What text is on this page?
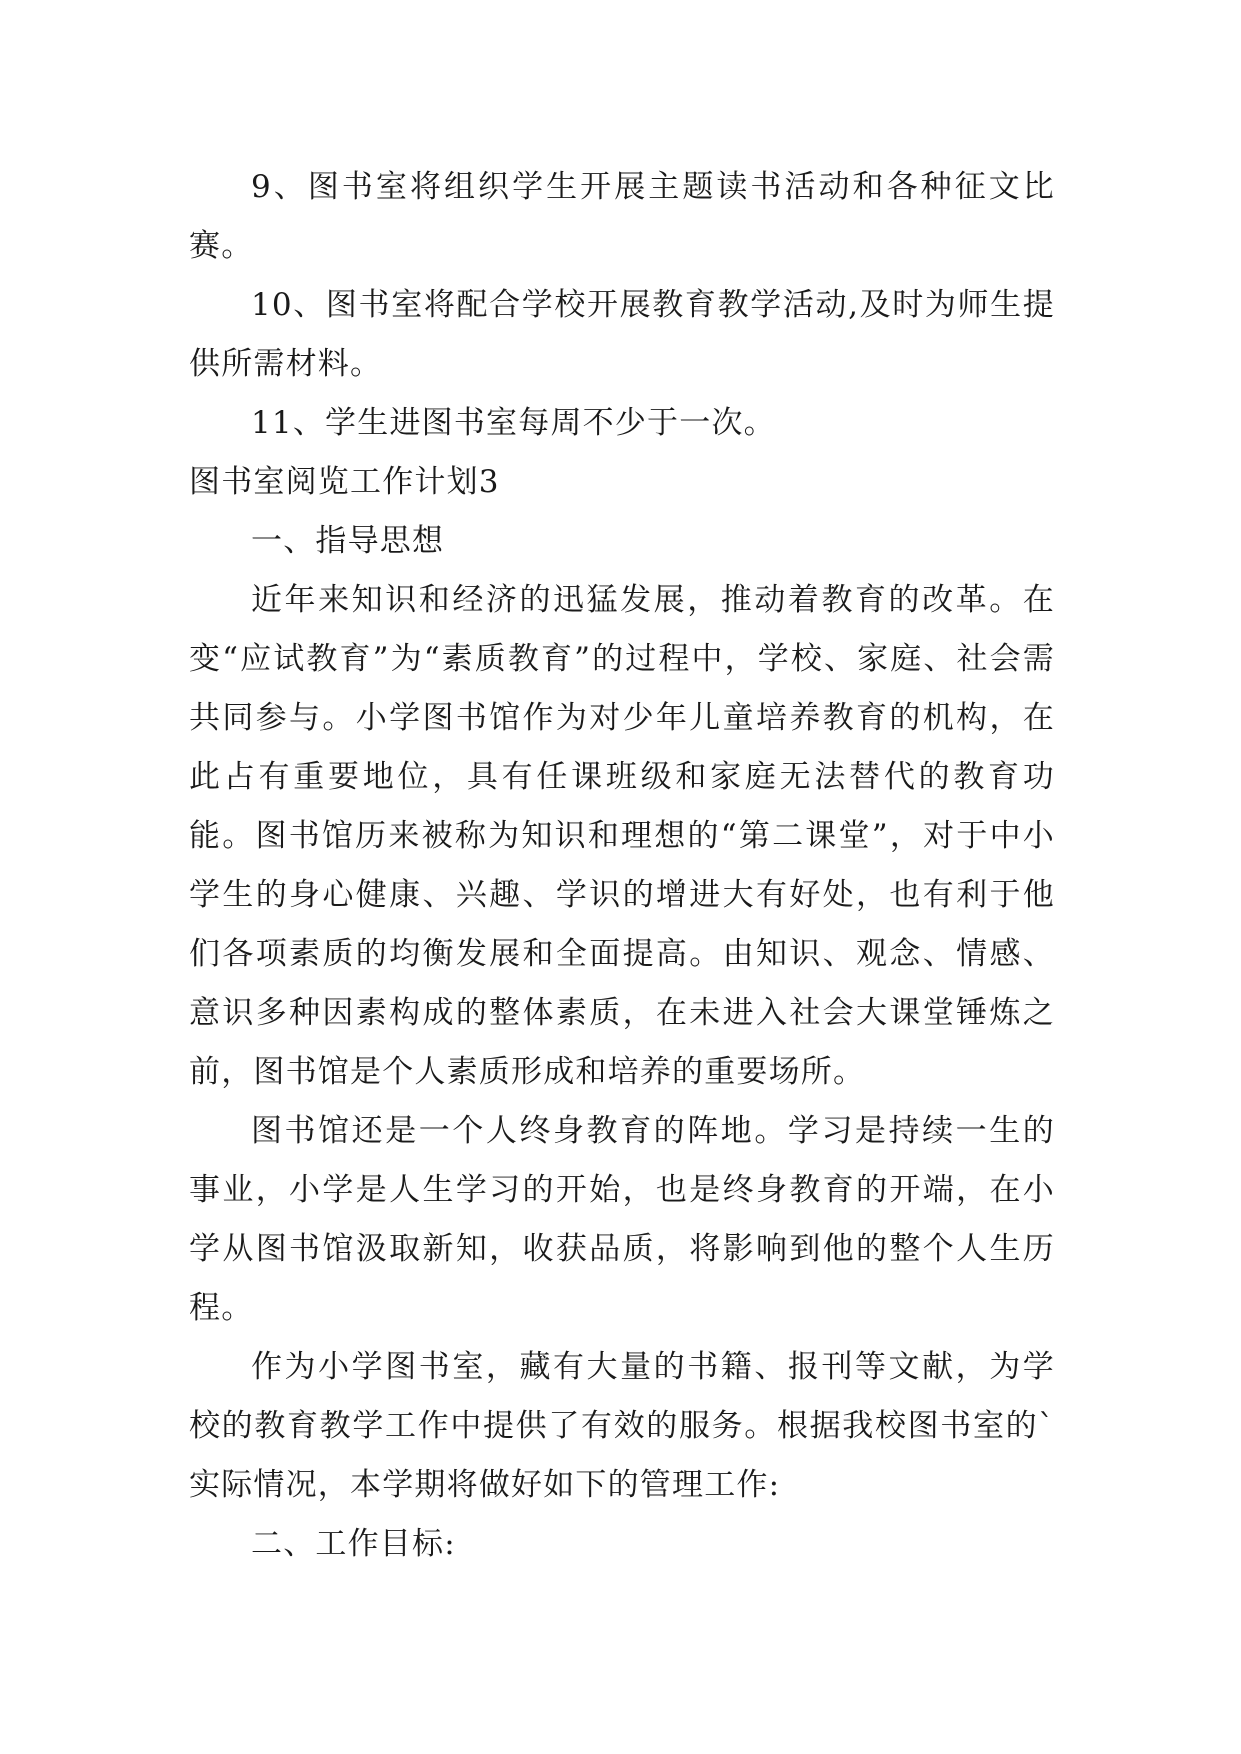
9、图书室将组织学生开展主题读书活动和各种征文比赛。

10、图书室将配合学校开展教育教学活动,及时为师生提供所需材料。

11、学生进图书室每周不少于一次。

图书室阅览工作计划3

一、指导思想

近年来知识和经济的迅猛发展，推动着教育的改革。在变“应试教育”为“素质教育”的过程中，学校、家庭、社会需共同参与。小学图书馆作为对少年儿童培养教育的机构，在此占有重要地位，具有任课班级和家庭无法替代的教育功能。图书馆历来被称为知识和理想的“第二课堂”，对于中小学生的身心健康、兴趣、学识的增进大有好处，也有利于他们各项素质的均衡发展和全面提高。由知识、观念、情感、意识多种因素构成的整体素质，在未进入社会大课堂锤炼之前，图书馆是个人素质形成和培养的重要场所。

图书馆还是一个人终身教育的阵地。学习是持续一生的事业，小学是人生学习的开始，也是终身教育的开端，在小学从图书馆汲取新知，收获品质，将影响到他的整个人生历程。

作为小学图书室，藏有大量的书籍、报刊等文献，为学校的教育教学工作中提供了有效的服务。根据我校图书室的`实际情况，本学期将做好如下的管理工作:

二、工作目标:
